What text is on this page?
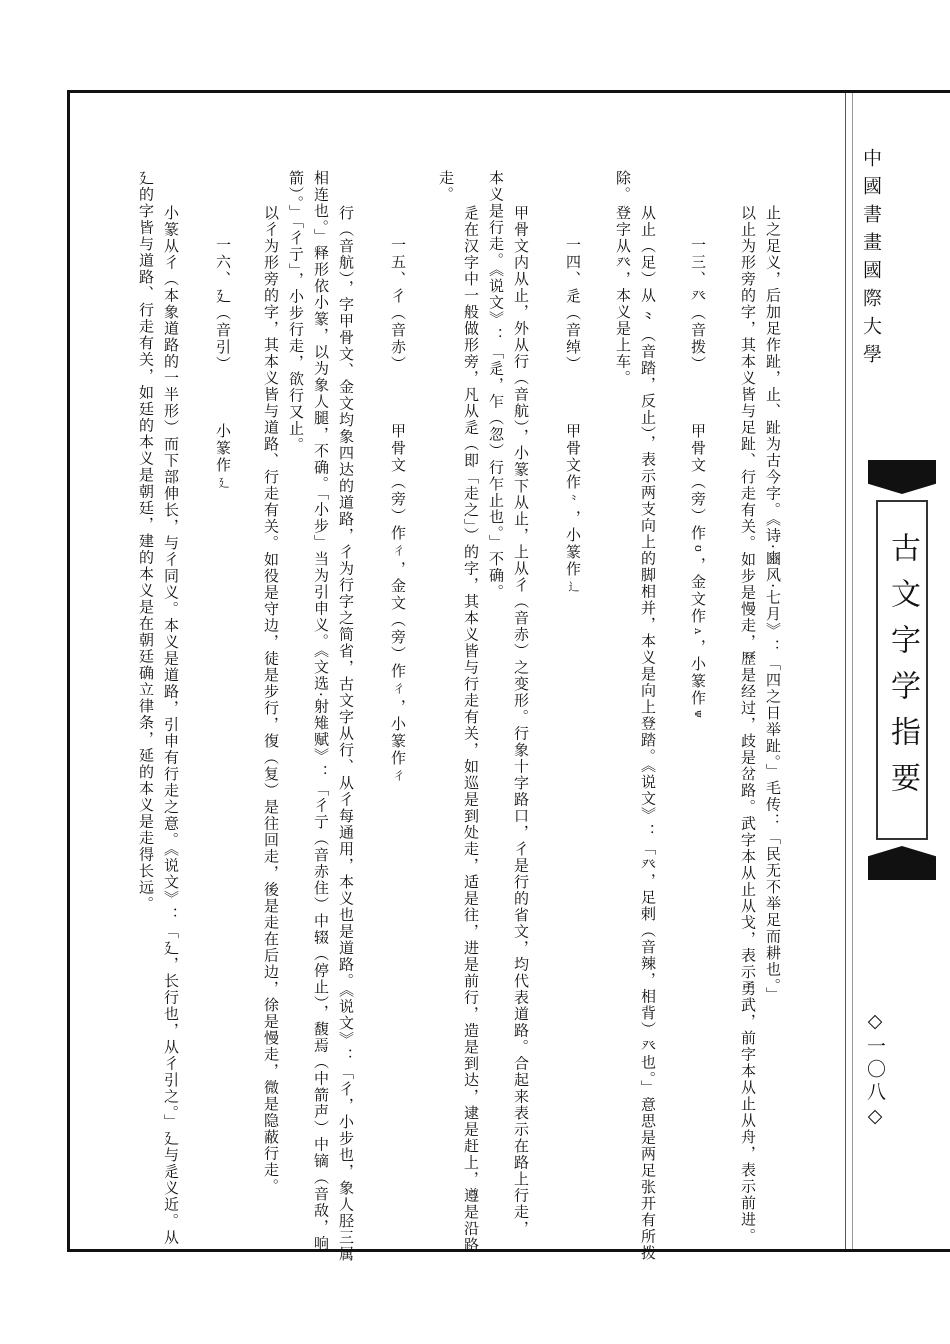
中國書畫國際大學
古文字学指要
◇一〇八◇
止之足义，后加足作趾，止、趾为古今字。《诗·豳风·七月》：「四之日举趾。」毛传：「民无不举足而耕也。」
以止为形旁的字，其本义皆与足趾、行走有关。如步是慢走，歷是经过，歧是岔路。武字本从止从戈，表示勇武，前字本从止从舟，表示前进。
一三、癶（音拨）甲骨文（旁）作ʊ，金文作ᴧ，小篆作ᴪ
从止（足）从 ⺀（音踏，反止），表示两支向上的脚相并，本义是向上登踏。《说文》：「癶，足剌（音辣，相背）癶也。」意思是两足张开有所拨
登字从癶，本义是上车。
除。
一四、辵（音绰）甲骨文作⺀，小篆作⻌
甲骨文内从止，外从行（音航），小篆下从止，上从彳（音赤）之变形。行象十字路口，彳是行的省文，均代表道路。合起来表示在路上行走，
本义是行走。《说文》：「辵，乍（忽）行乍止也。」不确。
辵在汉字中一般做形旁，凡从辵（即「走之」）的字，其本义皆与行走有关，如巡是到处走，适是往，进是前行，造是到达，逮是赶上，遵是沿路
走。
一五、彳（音赤）甲骨文（旁）作彳，金文（旁）作彳，小篆作彳
行（音航），字甲骨文、金文均象四达的道路，彳为行字之简省，古文字从行、从彳每通用，本义也是道路。《说文》：「彳，小步也，象人胫三属
相连也。」释形依小篆，以为象人腿，不确。「小步」当为引申义。《文选·射雉赋》：「彳亍（音赤住）中辍（停止），馥焉（中箭声）中镝（音敌，响
箭）。」「彳亍」，小步行走，欲行又止。
以彳为形旁的字，其本义皆与道路、行走有关。如役是守边，徒是步行，復（复）是往回走，後是走在后边，徐是慢走，微是隐蔽行走。
一六、廴（音引）小篆作廴
小篆从彳（本象道路的一半形）而下部伸长，与彳同义。本义是道路，引申有行走之意。《说文》：「廴，长行也，从彳引之。」廴与辵义近。从
廴的字皆与道路、行走有关，如廷的本义是朝廷，建的本义是在朝廷确立律条，延的本义是走得长远。
